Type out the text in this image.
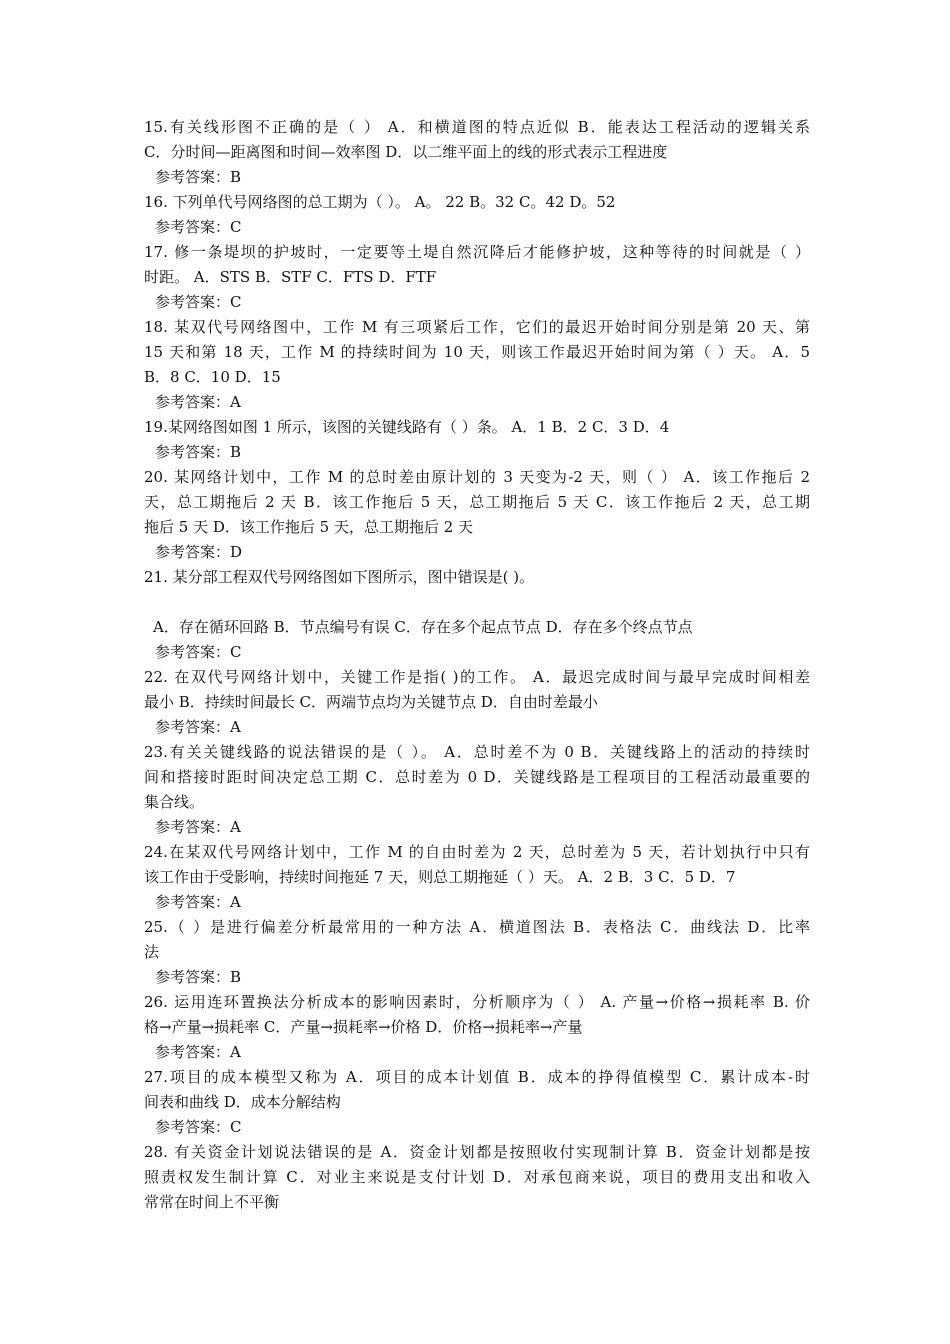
15.有关线形图不正确的是（ ） A．和横道图的特点近似 B．能表达工程活动的逻辑关系
C．分时间—距离图和时间—效率图 D．以二维平面上的线的形式表示工程进度
参考答案：B
16. 下列单代号网络图的总工期为（ ）。 A。 22 B。32 C。42 D。52
参考答案：C
17. 修一条堤坝的护坡时，一定要等土堤自然沉降后才能修护坡，这种等待的时间就是（ ）
时距。 A．STS B．STF C．FTS D．FTF
参考答案：C
18. 某双代号网络图中，工作 M 有三项紧后工作，它们的最迟开始时间分别是第 20 天、第
15 天和第 18 天，工作 M 的持续时间为 10 天，则该工作最迟开始时间为第（ ）天。 A．5
B．8 C．10 D．15
参考答案：A
19.某网络图如图 1 所示，该图的关键线路有（ ）条。 A．1 B．2 C．3 D．4
参考答案：B
20. 某网络计划中，工作 M 的总时差由原计划的 3 天变为-2 天，则（ ） A．该工作拖后 2
天，总工期拖后 2 天 B．该工作拖后 5 天，总工期拖后 5 天 C．该工作拖后 2 天，总工期
拖后 5 天 D．该工作拖后 5 天，总工期拖后 2 天
参考答案：D
21. 某分部工程双代号网络图如下图所示，图中错误是( )。
A．存在循环回路 B．节点编号有误 C．存在多个起点节点 D．存在多个终点节点
参考答案：C
22. 在双代号网络计划中，关键工作是指( )的工作。 A．最迟完成时间与最早完成时间相差
最小 B．持续时间最长 C．两端节点均为关键节点 D．自由时差最小
参考答案：A
23.有关关键线路的说法错误的是（ ）。 A．总时差不为 0 B．关键线路上的活动的持续时
间和搭接时距时间决定总工期 C．总时差为 0 D．关键线路是工程项目的工程活动最重要的
集合线。
参考答案：A
24.在某双代号网络计划中，工作 M 的自由时差为 2 天，总时差为 5 天，若计划执行中只有
该工作由于受影响，持续时间拖延 7 天，则总工期拖延（ ）天。 A．2 B．3 C．5 D．7
参考答案：A
25.（ ）是进行偏差分析最常用的一种方法 A．横道图法 B．表格法 C．曲线法 D．比率
法
参考答案：B
26. 运用连环置换法分析成本的影响因素时，分析顺序为（ ） A. 产量→价格→损耗率 B. 价
格→产量→损耗率 C．产量→损耗率→价格 D．价格→损耗率→产量
参考答案：A
27.项目的成本模型又称为 A．项目的成本计划值 B．成本的挣得值模型 C．累计成本-时
间表和曲线 D．成本分解结构
参考答案：C
28. 有关资金计划说法错误的是 A．资金计划都是按照收付实现制计算 B．资金计划都是按
照责权发生制计算 C．对业主来说是支付计划 D．对承包商来说，项目的费用支出和收入
常常在时间上不平衡
